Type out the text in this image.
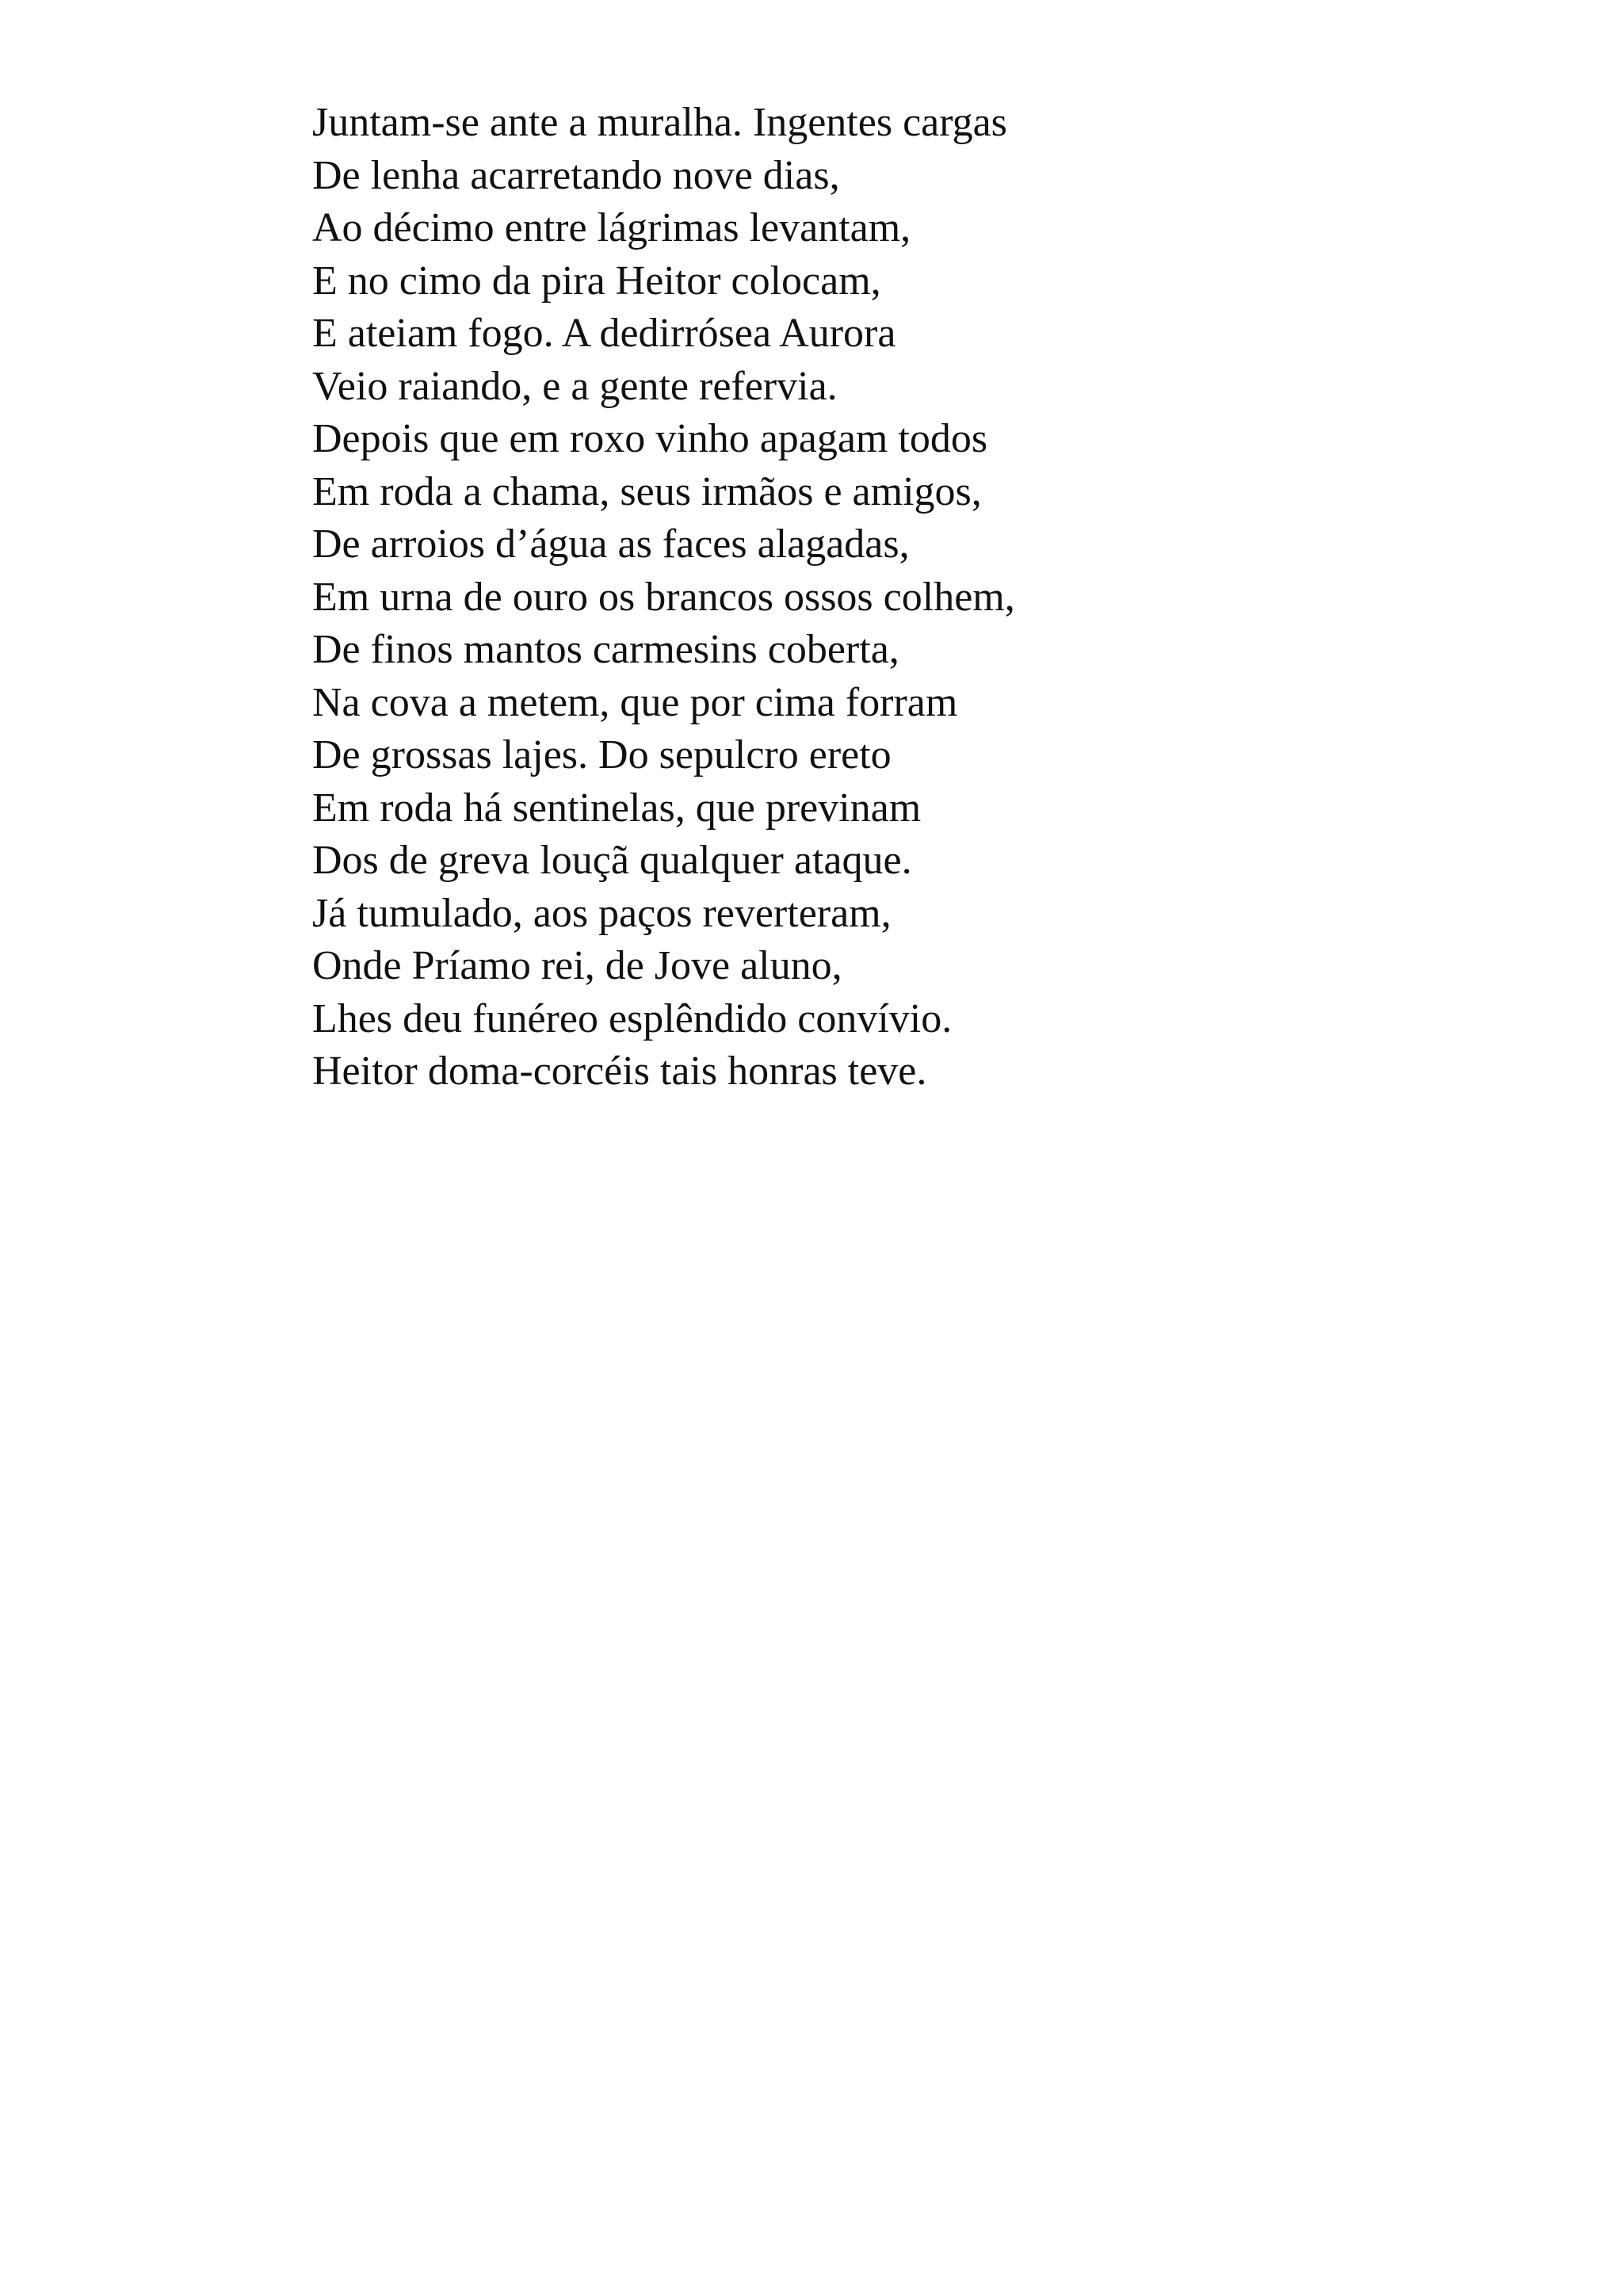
Juntam-se ante a muralha. Ingentes cargas
De lenha acarretando nove dias,
Ao décimo entre lágrimas levantam,
E no cimo da pira Heitor colocam,
E ateiam fogo. A dedirrósea Aurora
Veio raiando, e a gente refervia.
Depois que em roxo vinho apagam todos
Em roda a chama, seus irmãos e amigos,
De arroios d’água as faces alagadas,
Em urna de ouro os brancos ossos colhem,
De finos mantos carmesins coberta,
Na cova a metem, que por cima forram
De grossas lajes. Do sepulcro ereto
Em roda há sentinelas, que previnam
Dos de greva louçã qualquer ataque.
Já tumulado, aos paços reverteram,
Onde Príamo rei, de Jove aluno,
Lhes deu funéreo esplêndido convívio.
Heitor doma-corcéis tais honras teve.
